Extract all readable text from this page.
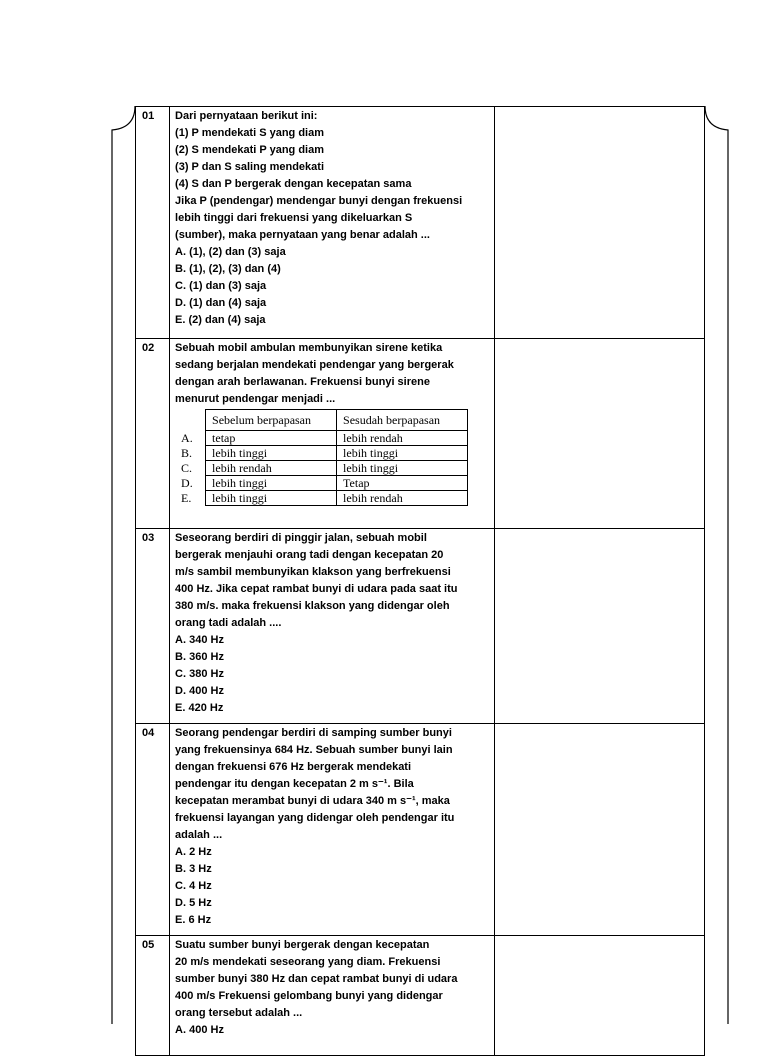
01	Dari pernyataan berikut ini:
(1) P mendekati S yang diam
(2) S mendekati P yang diam
(3) P dan S saling mendekati
(4) S dan P bergerak dengan kecepatan sama
Jika P (pendengar) mendengar bunyi dengan frekuensi
lebih tinggi dari frekuensi yang dikeluarkan S
(sumber), maka pernyataan yang benar adalah ...
A. (1), (2) dan (3) saja
B. (1), (2), (3) dan (4)
C. (1) dan (3) saja
D. (1) dan (4) saja
E. (2) dan (4) saja

02	Sebuah mobil ambulan membunyikan sirene ketika
sedang berjalan mendekati pendengar yang bergerak
dengan arah berlawanan. Frekuensi bunyi sirene
menurut pendengar menjadi ...
	Sebelum berpapasan	Sesudah berpapasan
A.	tetap	lebih rendah
B.	lebih tinggi	lebih tinggi
C.	lebih rendah	lebih tinggi
D.	lebih tinggi	Tetap
E.	lebih tinggi	lebih rendah

03	Seseorang berdiri di pinggir jalan, sebuah mobil
bergerak menjauhi orang tadi dengan kecepatan 20
m/s sambil membunyikan klakson yang berfrekuensi
400 Hz. Jika cepat rambat bunyi di udara pada saat itu
380 m/s. maka frekuensi klakson yang didengar oleh
orang tadi adalah ....
A. 340 Hz
B. 360 Hz
C. 380 Hz
D. 400 Hz
E. 420 Hz

04	Seorang pendengar berdiri di samping sumber bunyi
yang frekuensinya 684 Hz. Sebuah sumber bunyi lain
dengan frekuensi 676 Hz bergerak mendekati
pendengar itu dengan kecepatan 2 m s⁻¹. Bila
kecepatan merambat bunyi di udara 340 m s⁻¹, maka
frekuensi layangan yang didengar oleh pendengar itu
adalah ...
A. 2 Hz
B. 3 Hz
C. 4 Hz
D. 5 Hz
E. 6 Hz

05	Suatu sumber bunyi bergerak dengan kecepatan
20 m/s mendekati seseorang yang diam. Frekuensi
sumber bunyi 380 Hz dan cepat rambat bunyi di udara
400 m/s Frekuensi gelombang bunyi yang didengar
orang tersebut adalah ...
A. 400 Hz
